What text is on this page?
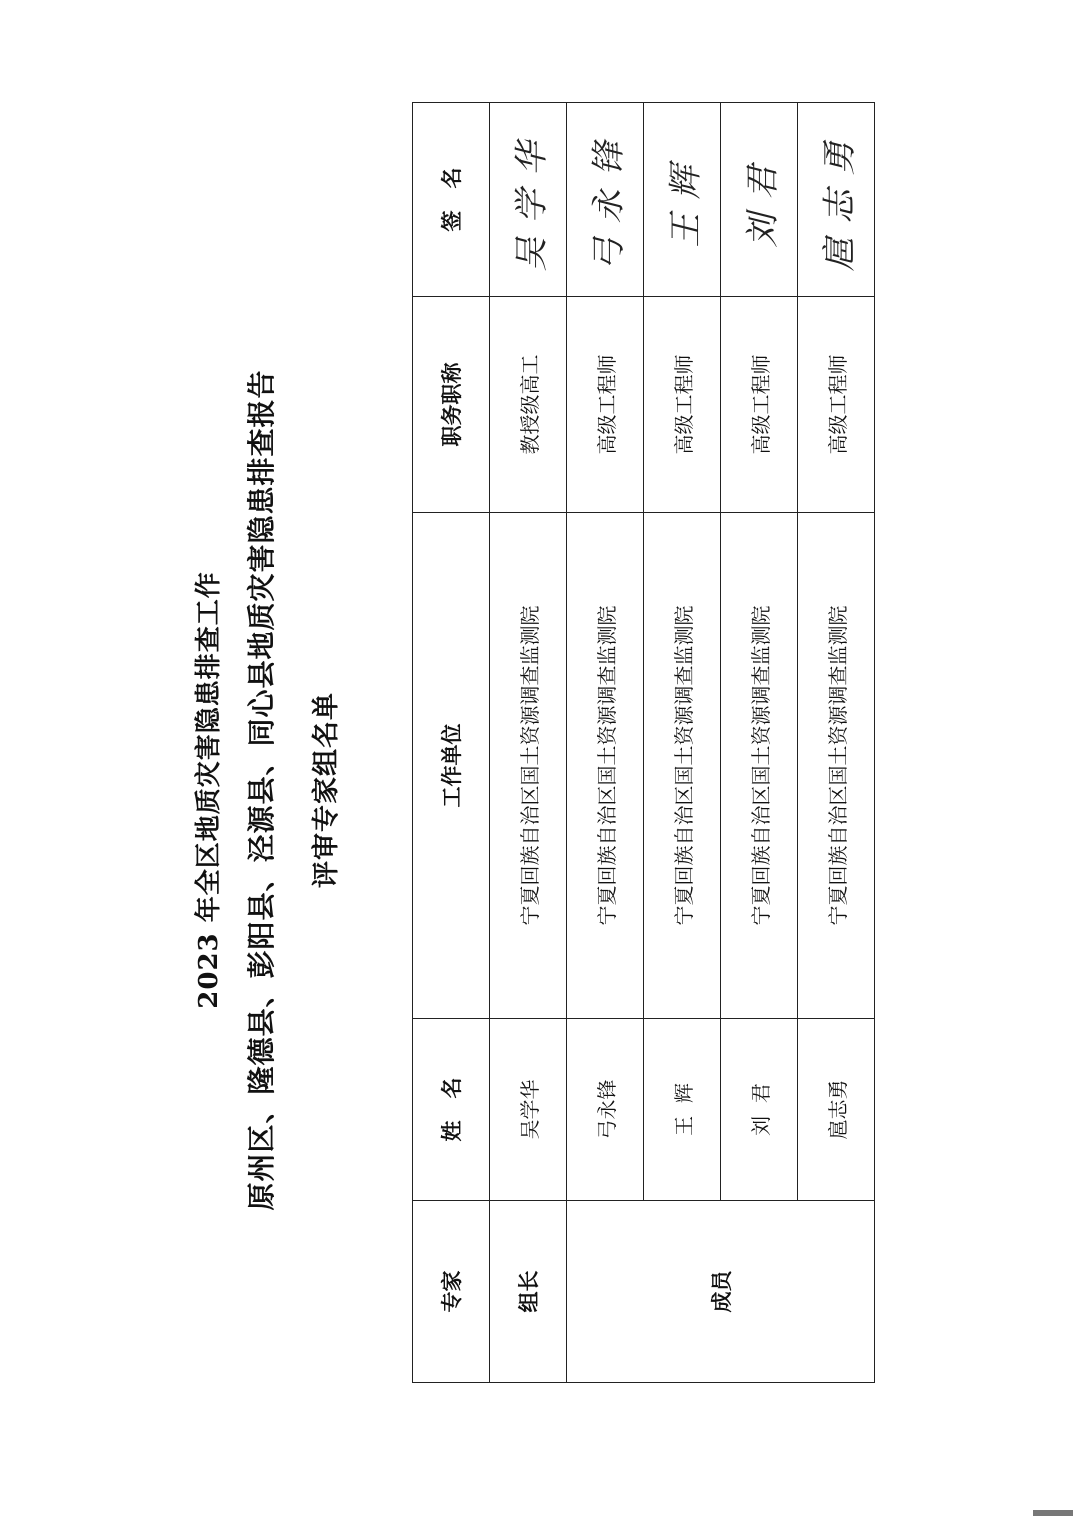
2023 年全区地质灾害隐患排查工作 原州区、隆德县、彭阳县、泾源县、同心县地质灾害隐患排查报告 评审专家组名单
专家	姓名	工作单位	职务职称	签名
组长	吴学华	宁夏回族自治区国土资源调查监测院	教授级高工	吴学华
成员	弓永锋	宁夏回族自治区国土资源调查监测院	高级工程师	弓永锋
	王  辉	宁夏回族自治区国土资源调查监测院	高级工程师	王辉
	刘  君	宁夏回族自治区国土资源调查监测院	高级工程师	刘君
	扈志勇	宁夏回族自治区国土资源调查监测院	高级工程师	扈志勇
